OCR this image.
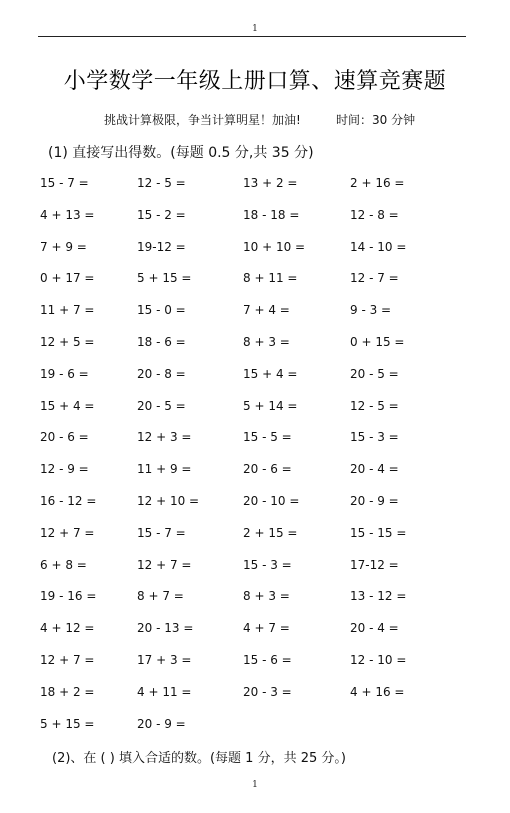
1
小学数学一年级上册口算、速算竞赛题
挑战计算极限，争当计算明星！加油!	时间：30 分钟
(1) 直接写出得数。(每题 0.5 分,共 35 分)
15 - 7 =	12 - 5 =	13 + 2 =	2 + 16 =
4 + 13 =	15 - 2 =	18 - 18 =	12 - 8 =
7 + 9 =	19-12 =	10 + 10 =	14 - 10 =
0 + 17 =	5 + 15 =	8 + 11 =	12 - 7 =
11 + 7 =	15 - 0 =	7 + 4 =	9 - 3 =
12 + 5 =	18 - 6 =	8 + 3 =	0 + 15 =
19 - 6 =	20 - 8 =	15 + 4 =	20 - 5 =
15 + 4 =	20 - 5 =	5 + 14 =	12 - 5 =
20 - 6 =	12 + 3 =	15 - 5 =	15 - 3 =
12 - 9 =	11 + 9 =	20 - 6 =	20 - 4 =
16 - 12 =	12 + 10 =	20 - 10 =	20 - 9 =
12 + 7 =	15 - 7 =	2 + 15 =	15 - 15 =
6 + 8 =	12 + 7 =	15 - 3 =	17-12 =
19 - 16 =	8 + 7 =	8 + 3 =	13 - 12 =
4 + 12 =	20 - 13 =	4 + 7 =	20 - 4 =
12 + 7 =	17 + 3 =	15 - 6 =	12 - 10 =
18 + 2 =	4 + 11 =	20 - 3 =	4 + 16 =
5 + 15 =	20 - 9 =
(2)、在 ( ) 填入合适的数。(每题 1 分，共 25 分。)
1
